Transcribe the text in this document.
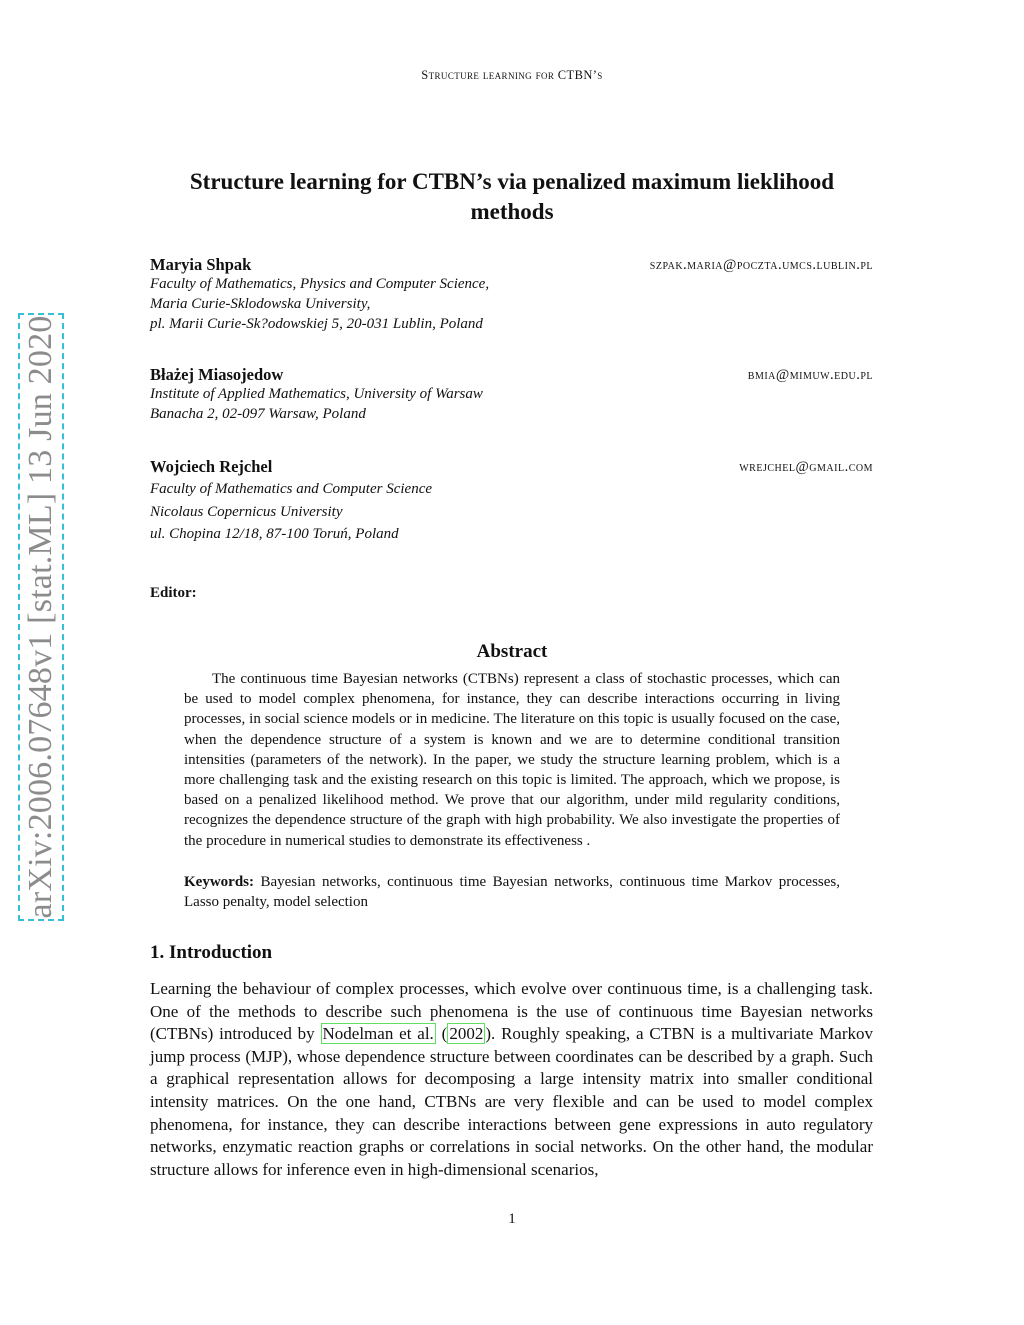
Structure learning for CTBN’s
arXiv:2006.07648v1 [stat.ML] 13 Jun 2020
Structure learning for CTBN’s via penalized maximum lieklihood methods
Maryia Shpak	szpak.maria@poczta.umcs.lublin.pl
Faculty of Mathematics, Physics and Computer Science,
Maria Curie-Sklodowska University,
pl. Marii Curie-Sk?odowskiej 5, 20-031 Lublin, Poland
Błażej Miasojedow	bmia@mimuw.edu.pl
Institute of Applied Mathematics, University of Warsaw
Banacha 2, 02-097 Warsaw, Poland
Wojciech Rejchel	wrejchel@gmail.com
Faculty of Mathematics and Computer Science
Nicolaus Copernicus University
ul. Chopina 12/18, 87-100 Toruń, Poland
Editor:
Abstract

The continuous time Bayesian networks (CTBNs) represent a class of stochastic processes, which can be used to model complex phenomena, for instance, they can describe interactions occurring in living processes, in social science models or in medicine. The literature on this topic is usually focused on the case, when the dependence structure of a system is known and we are to determine conditional transition intensities (parameters of the network). In the paper, we study the structure learning problem, which is a more challenging task and the existing research on this topic is limited. The approach, which we propose, is based on a penalized likelihood method. We prove that our algorithm, under mild regularity conditions, recognizes the dependence structure of the graph with high probability. We also investigate the properties of the procedure in numerical studies to demonstrate its effectiveness .

Keywords: Bayesian networks, continuous time Bayesian networks, continuous time Markov processes, Lasso penalty, model selection

1. Introduction

Learning the behaviour of complex processes, which evolve over continuous time, is a challenging task. One of the methods to describe such phenomena is the use of continuous time Bayesian networks (CTBNs) introduced by Nodelman et al. ( 2002 ). Roughly speaking, a CTBN is a multivariate Markov jump process (MJP), whose dependence structure between coordinates can be described by a graph. Such a graphical representation allows for decomposing a large intensity matrix into smaller conditional intensity matrices. On the one hand, CTBNs are very flexible and can be used to model complex phenomena, for instance, they can describe interactions between gene expressions in auto regulatory networks, enzymatic reaction graphs or correlations in social networks. On the other hand, the modular structure allows for inference even in high-dimensional scenarios,

1
